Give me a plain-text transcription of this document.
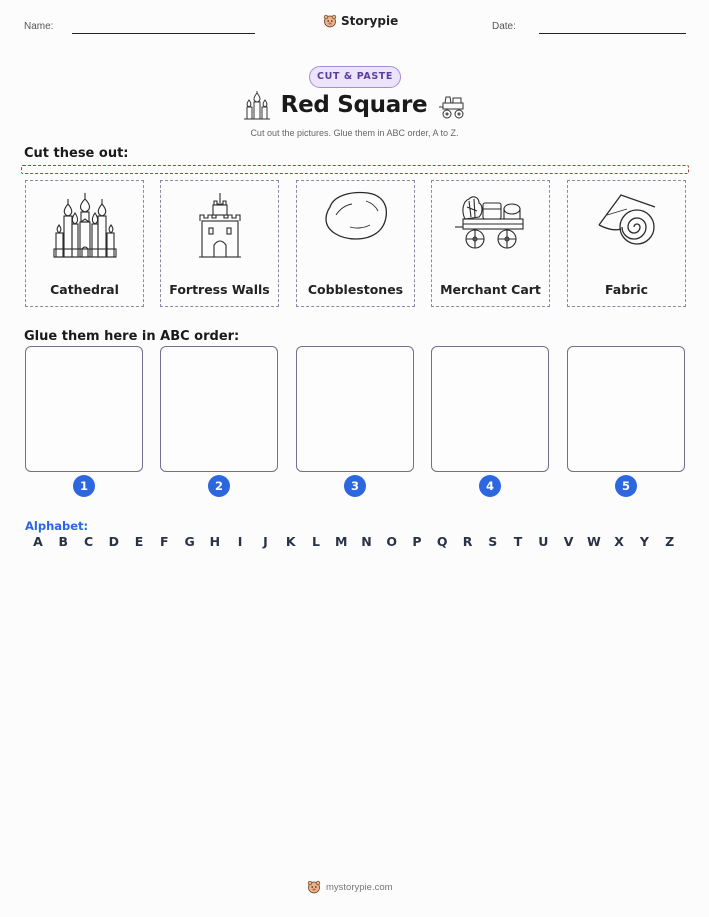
Name:	Storypie	Date:
CUT & PASTE
Red Square
Cut out the pictures. Glue them in ABC order, A to Z.
Cut these out:
Cathedral	Fortress Walls	Cobblestones	Merchant Cart	Fabric
Glue them here in ABC order:
1	2	3	4	5
Alphabet:
A	B	C	D	E	F	G	H	I	J	K	L	M	N	O	P	Q	R	S	T	U	V	W	X	Y	Z
mystorypie.com
